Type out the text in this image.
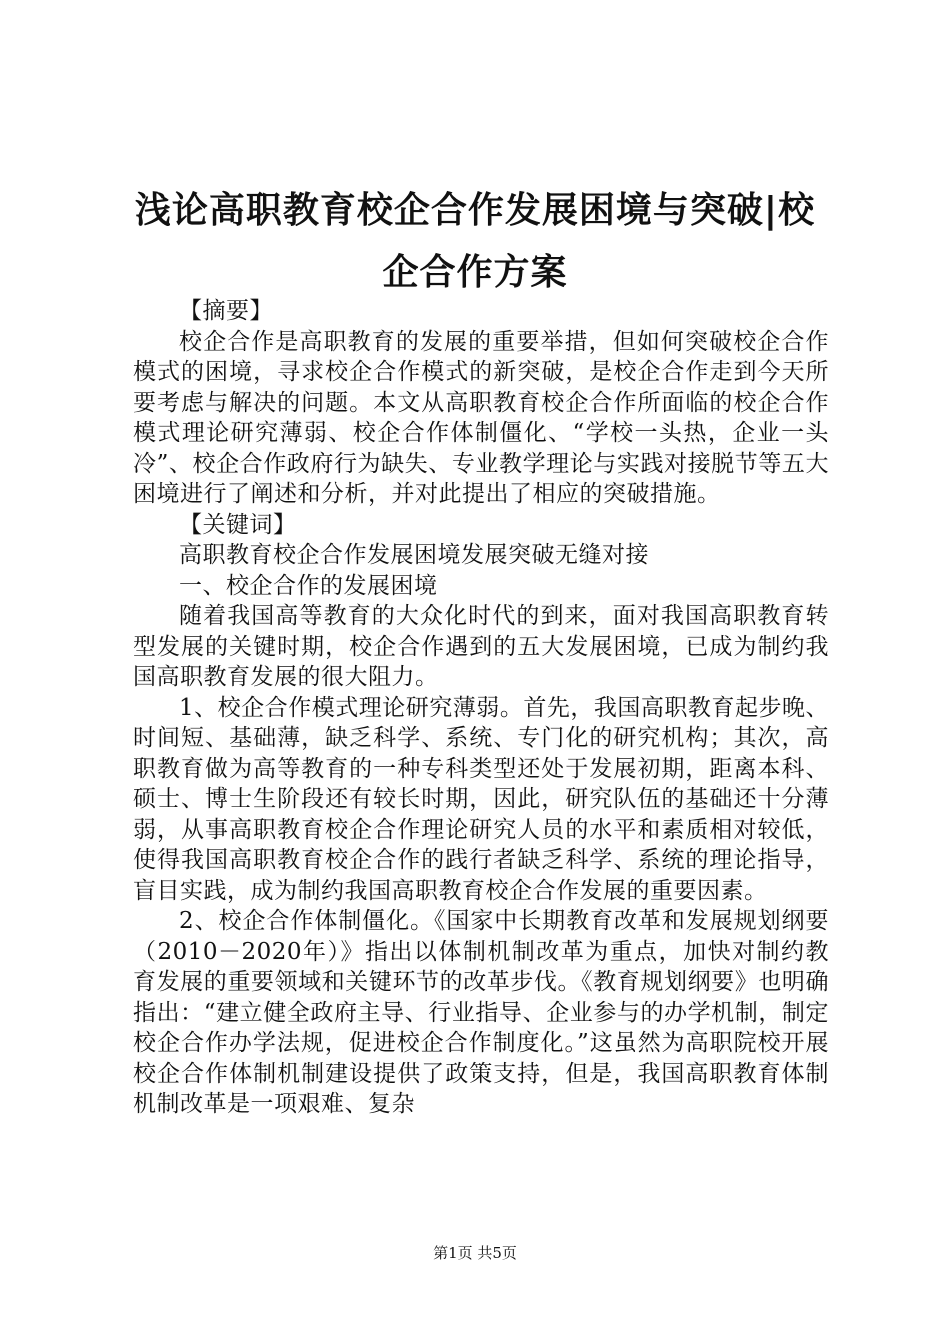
浅论高职教育校企合作发展困境与突破|校企合作方案

【摘要】

校企合作是高职教育的发展的重要举措，但如何突破校企合作模式的困境，寻求校企合作模式的新突破，是校企合作走到今天所要考虑与解决的问题。本文从高职教育校企合作所面临的校企合作模式理论研究薄弱、校企合作体制僵化、“学校一头热，企业一头冷”、校企合作政府行为缺失、专业教学理论与实践对接脱节等五大困境进行了阐述和分析，并对此提出了相应的突破措施。

【关键词】

高职教育校企合作发展困境发展突破无缝对接

一、校企合作的发展困境

随着我国高等教育的大众化时代的到来，面对我国高职教育转型发展的关键时期，校企合作遇到的五大发展困境，已成为制约我国高职教育发展的很大阻力。

1、校企合作模式理论研究薄弱。首先，我国高职教育起步晚、时间短、基础薄，缺乏科学、系统、专门化的研究机构；其次，高职教育做为高等教育的一种专科类型还处于发展初期，距离本科、硕士、博士生阶段还有较长时期，因此，研究队伍的基础还十分薄弱，从事高职教育校企合作理论研究人员的水平和素质相对较低，使得我国高职教育校企合作的践行者缺乏科学、系统的理论指导，盲目实践，成为制约我国高职教育校企合作发展的重要因素。

2、校企合作体制僵化。《国家中长期教育改革和发展规划纲要（2010－2020年）》指出以体制机制改革为重点，加快对制约教育发展的重要领域和关键环节的改革步伐。《教育规划纲要》也明确指出：“建立健全政府主导、行业指导、企业参与的办学机制，制定校企合作办学法规，促进校企合作制度化。”这虽然为高职院校开展校企合作体制机制建设提供了政策支持，但是，我国高职教育体制机制改革是一项艰难、复杂

第1页 共5页
